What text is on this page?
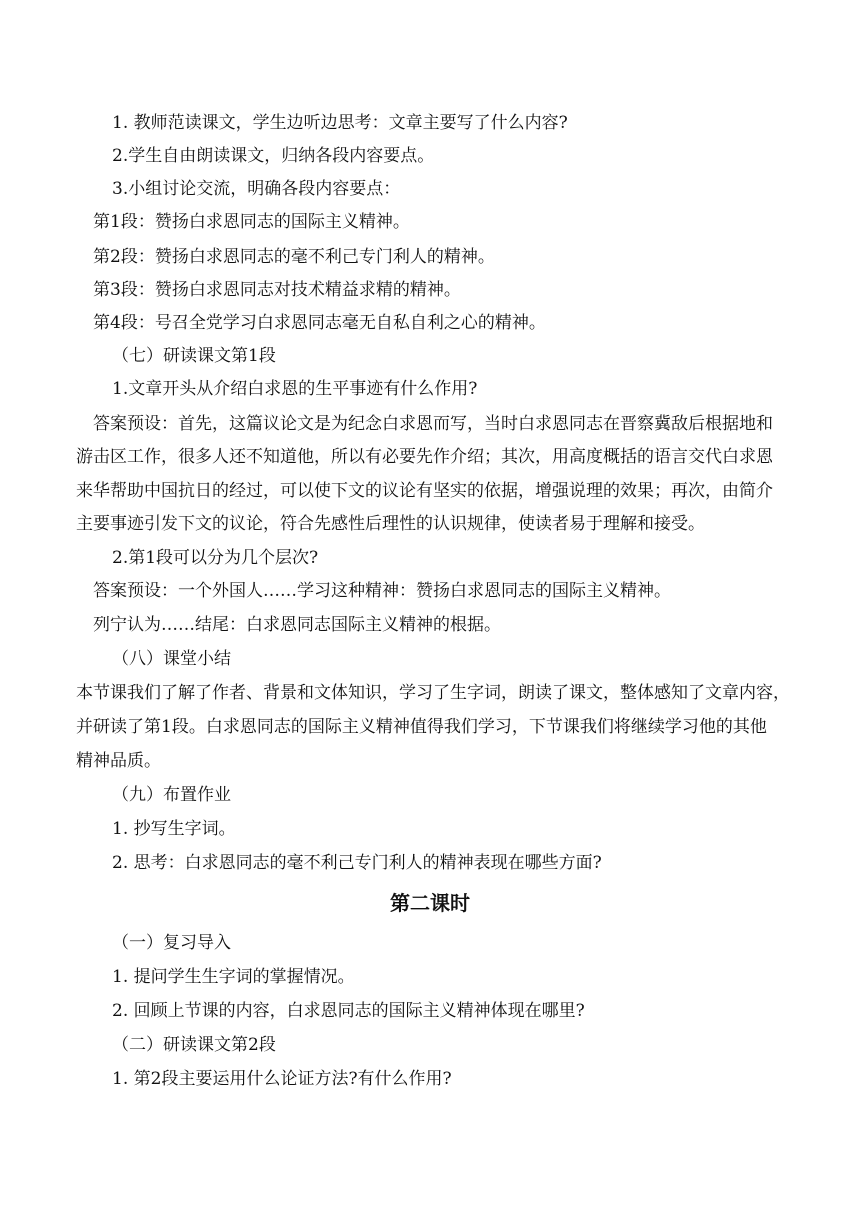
1. 教师范读课文，学生边听边思考：文章主要写了什么内容?
2.学生自由朗读课文，归纳各段内容要点。
3.小组讨论交流，明确各段内容要点：
第1段：赞扬白求恩同志的国际主义精神。
第2段：赞扬白求恩同志的毫不利己专门利人的精神。
第3段：赞扬白求恩同志对技术精益求精的精神。
第4段：号召全党学习白求恩同志毫无自私自利之心的精神。
（七）研读课文第1段
1.文章开头从介绍白求恩的生平事迹有什么作用?
答案预设：首先，这篇议论文是为纪念白求恩而写，当时白求恩同志在晋察冀敌后根据地和
游击区工作，很多人还不知道他，所以有必要先作介绍；其次，用高度概括的语言交代白求恩
来华帮助中国抗日的经过，可以使下文的议论有坚实的依据，增强说理的效果；再次，由简介
主要事迹引发下文的议论，符合先感性后理性的认识规律，使读者易于理解和接受。
2.第1段可以分为几个层次?
答案预设：一个外国人……学习这种精神：赞扬白求恩同志的国际主义精神。
列宁认为……结尾：白求恩同志国际主义精神的根据。
（八）课堂小结
本节课我们了解了作者、背景和文体知识，学习了生字词，朗读了课文，整体感知了文章内容，
并研读了第1段。白求恩同志的国际主义精神值得我们学习，下节课我们将继续学习他的其他
精神品质。
（九）布置作业
1. 抄写生字词。
2. 思考：白求恩同志的毫不利己专门利人的精神表现在哪些方面?
第二课时
（一）复习导入
1. 提问学生生字词的掌握情况。
2. 回顾上节课的内容，白求恩同志的国际主义精神体现在哪里?
（二）研读课文第2段
1. 第2段主要运用什么论证方法?有什么作用?
